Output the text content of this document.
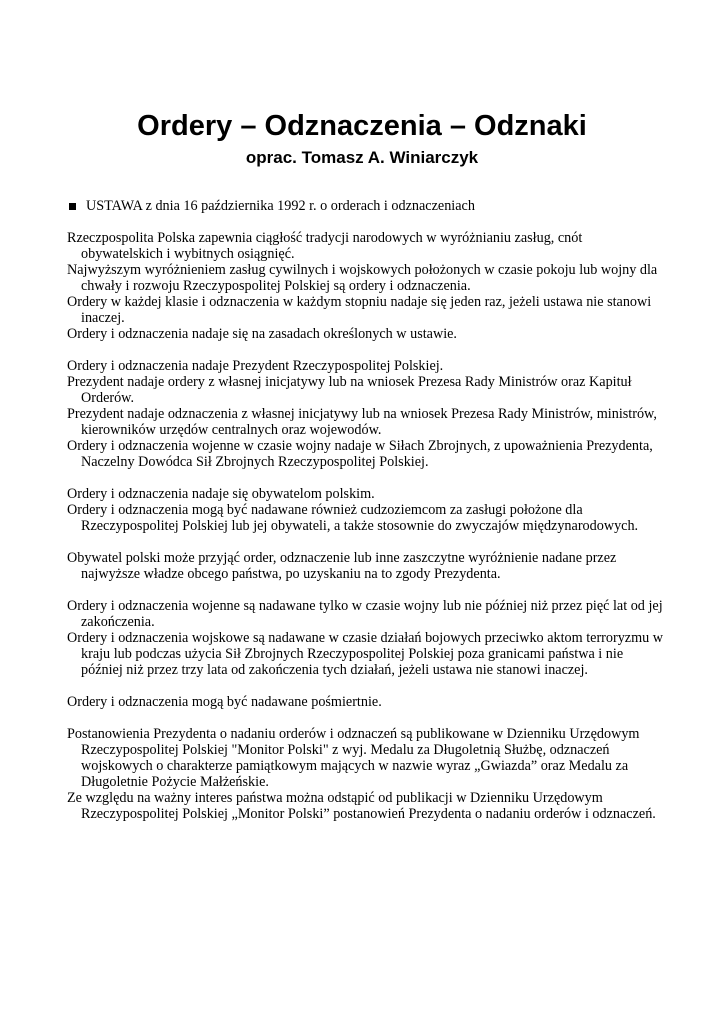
Ordery – Odznaczenia – Odznaki
oprac. Tomasz A. Winiarczyk
USTAWA z dnia 16 października 1992 r. o orderach i odznaczeniach

Rzeczpospolita Polska zapewnia ciągłość tradycji narodowych w wyróżnianiu zasług, cnót obywatelskich i wybitnych osiągnięć.

Najwyższym wyróżnieniem zasług cywilnych i wojskowych położonych w czasie pokoju lub wojny dla chwały i rozwoju Rzeczypospolitej Polskiej są ordery i odznaczenia.

Ordery w każdej klasie i odznaczenia w każdym stopniu nadaje się jeden raz, jeżeli ustawa nie stanowi inaczej.

Ordery i odznaczenia nadaje się na zasadach określonych w ustawie.

Ordery i odznaczenia nadaje Prezydent Rzeczypospolitej Polskiej.

Prezydent nadaje ordery z własnej inicjatywy lub na wniosek Prezesa Rady Ministrów oraz Kapituł Orderów.

Prezydent nadaje odznaczenia z własnej inicjatywy lub na wniosek Prezesa Rady Ministrów, ministrów, kierowników urzędów centralnych oraz wojewodów.

Ordery i odznaczenia wojenne w czasie wojny nadaje w Siłach Zbrojnych, z upoważnienia Prezydenta, Naczelny Dowódca Sił Zbrojnych Rzeczypospolitej Polskiej.

Ordery i odznaczenia nadaje się obywatelom polskim.

Ordery i odznaczenia mogą być nadawane również cudzoziemcom za zasługi położone dla Rzeczypospolitej Polskiej lub jej obywateli, a także stosownie do zwyczajów międzynarodowych.

Obywatel polski może przyjąć order, odznaczenie lub inne zaszczytne wyróżnienie nadane przez najwyższe władze obcego państwa, po uzyskaniu na to zgody Prezydenta.

Ordery i odznaczenia wojenne są nadawane tylko w czasie wojny lub nie później niż przez pięć lat od jej zakończenia.

Ordery i odznaczenia wojskowe są nadawane w czasie działań bojowych przeciwko aktom terroryzmu w kraju lub podczas użycia Sił Zbrojnych Rzeczypospolitej Polskiej poza granicami państwa i nie później niż przez trzy lata od zakończenia tych działań, jeżeli ustawa nie stanowi inaczej.

Ordery i odznaczenia mogą być nadawane pośmiertnie.

Postanowienia Prezydenta o nadaniu orderów i odznaczeń są publikowane w Dzienniku Urzędowym Rzeczypospolitej Polskiej "Monitor Polski" z wyj. Medalu za Długoletnią Służbę, odznaczeń wojskowych o charakterze pamiątkowym mających w nazwie wyraz „Gwiazda” oraz Medalu za Długoletnie Pożycie Małżeńskie.

Ze względu na ważny interes państwa można odstąpić od publikacji w Dzienniku Urzędowym Rzeczypospolitej Polskiej „Monitor Polski” postanowień Prezydenta o nadaniu orderów i odznaczeń.
